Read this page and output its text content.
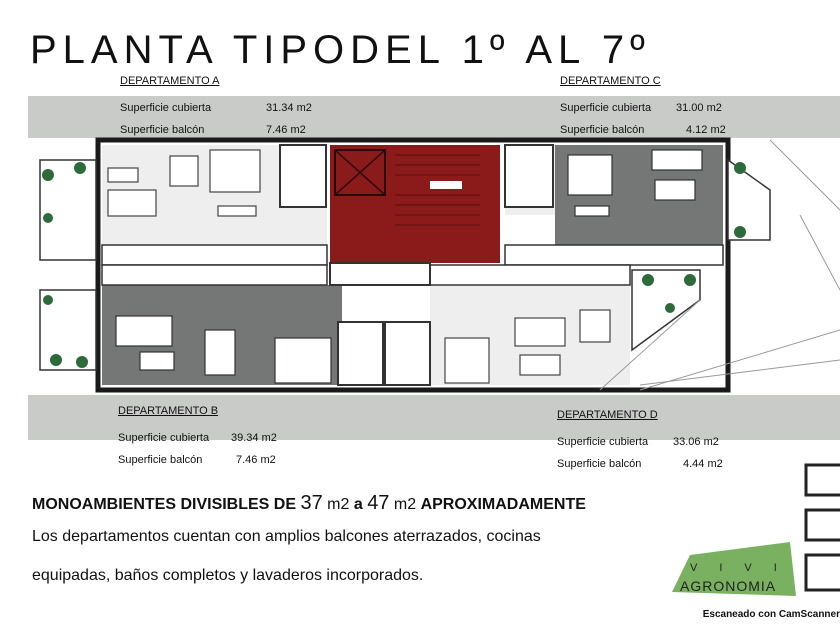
PLANTA TIPODEL 1º AL 7º
DEPARTAMENTO A
Superficie cubierta	31.34 m2
Superficie balcón	7.46 m2
DEPARTAMENTO C
Superficie cubierta	31.00 m2
Superficie balcón	4.12 m2
DEPARTAMENTO B
Superficie cubierta	39.34 m2
Superficie balcón	7.46 m2
DEPARTAMENTO D
Superficie cubierta	33.06 m2
Superficie balcón	4.44 m2
MONOAMBIENTES DIVISIBLES DE 37 m2 a 47 m2 APROXIMADAMENTE
Los departamentos cuentan con amplios balcones aterrazados, cocinas
equipadas, baños completos y lavaderos incorporados.	VIVI
AGRONOMIA
Escaneado con CamScanner
